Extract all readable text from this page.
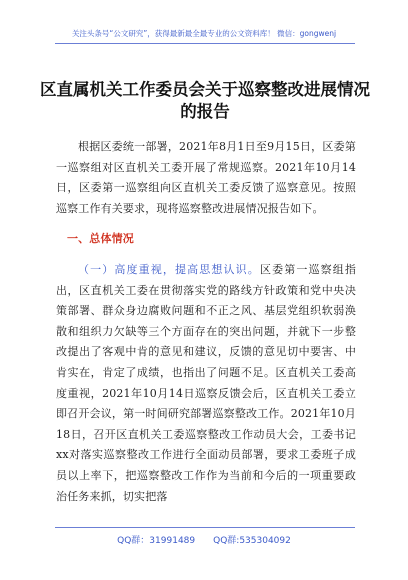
关注头条号“公文研究”，获得最新最全最专业的公文资料库！ 微信：gongwenj
区直属机关工作委员会关于巡察整改进展情况的报告

根据区委统一部署，2021年8月1日至9月15日，区委第一巡察组对区直机关工委开展了常规巡察。2021年10月14日，区委第一巡察组向区直机关工委反馈了巡察意见。按照巡察工作有关要求，现将巡察整改进展情况报告如下。

一、总体情况

（一）高度重视，提高思想认识。区委第一巡察组指出，区直机关工委在贯彻落实党的路线方针政策和党中央决策部署、群众身边腐败问题和不正之风、基层党组织软弱涣散和组织力欠缺等三个方面存在的突出问题，并就下一步整改提出了客观中肯的意见和建议，反馈的意见切中要害、中肯实在，肯定了成绩，也指出了问题不足。区直机关工委高度重视，2021年10月14日巡察反馈会后，区直机关工委立即召开会议，第一时间研究部署巡察整改工作。2021年10月18日，召开区直机关工委巡察整改工作动员大会，工委书记xx对落实巡察整改工作进行全面动员部署，要求工委班子成员以上率下，把巡察整改工作作为当前和今后的一项重要政治任务来抓，切实把落

QQ群：31991489　　QQ群:535304092
